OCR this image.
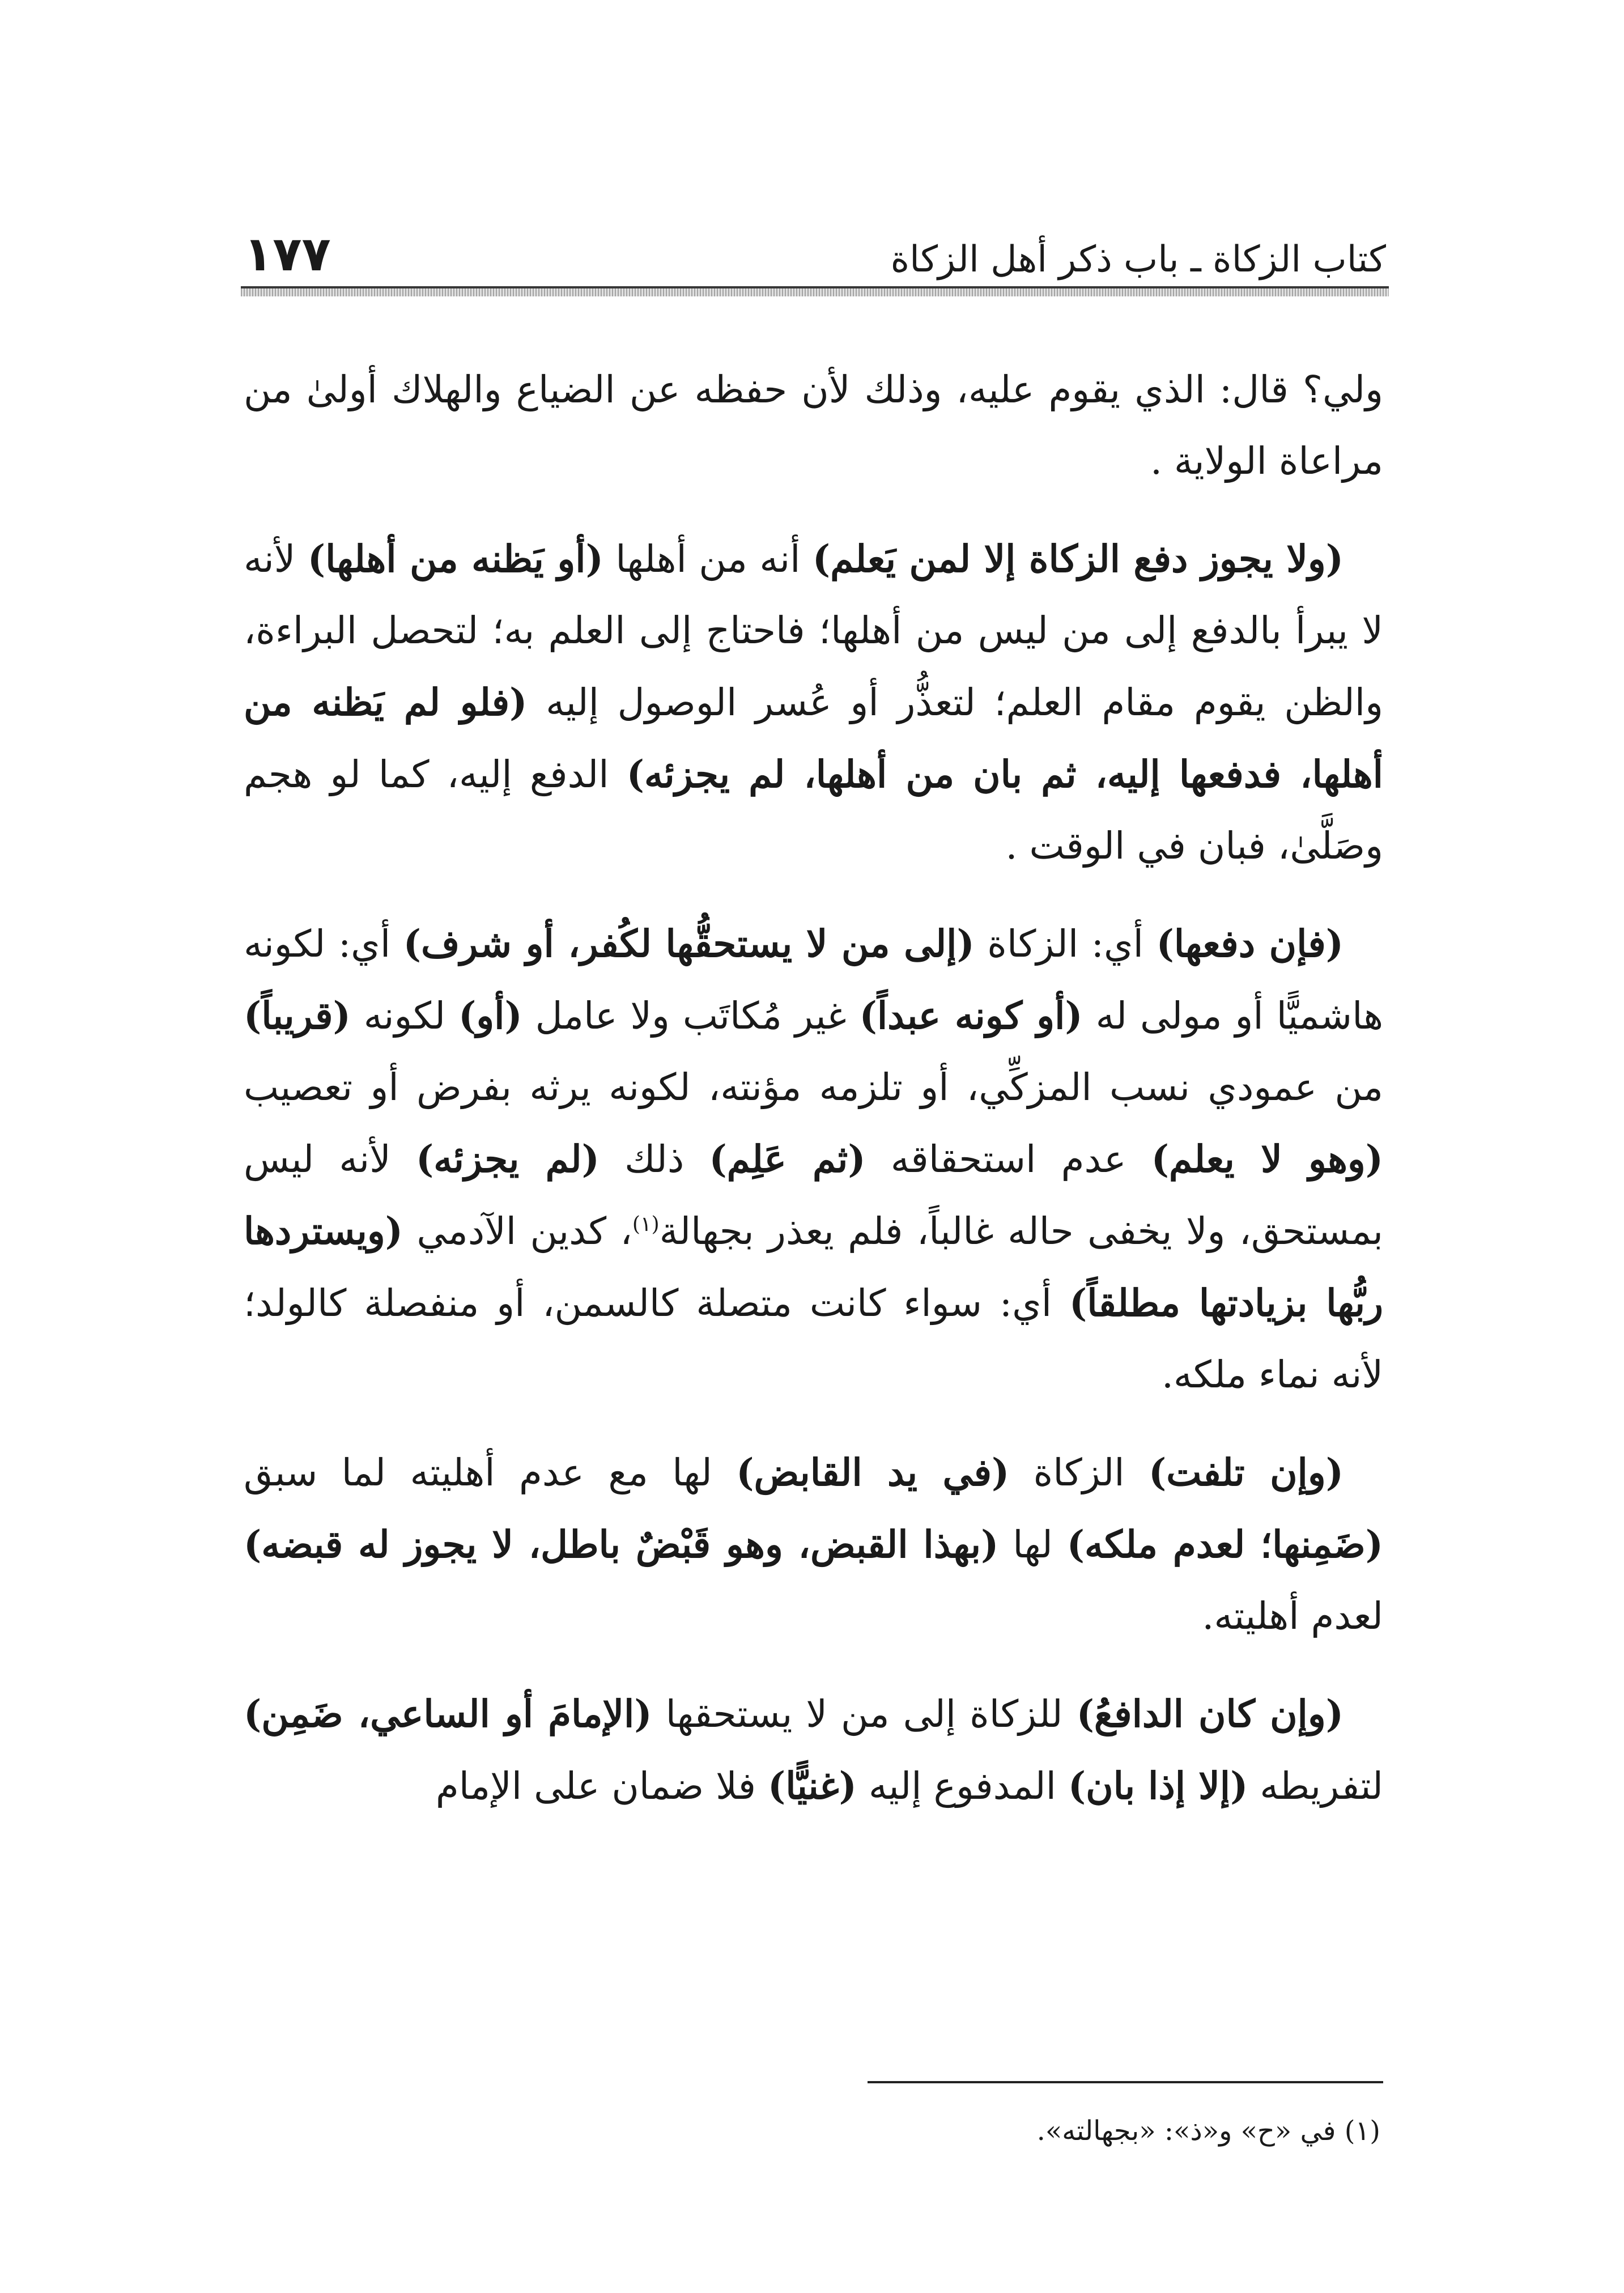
كتاب الزكاة ـ باب ذكر أهل الزكاة
١٧٧

ولي؟ قال: الذي يقوم عليه، وذلك لأن حفظه عن الضياع والهلاك أولىٰ من مراعاة الولاية .

(ولا يجوز دفع الزكاة إلا لمن يَعلم) أنه من أهلها (أو يَظنه من أهلها) لأنه لا يبرأ بالدفع إلى من ليس من أهلها؛ فاحتاج إلى العلم به؛ لتحصل البراءة، والظن يقوم مقام العلم؛ لتعذُّر أو عُسر الوصول إليه (فلو لم يَظنه من أهلها، فدفعها إليه، ثم بان من أهلها، لم يجزئه) الدفع إليه، كما لو هجم وصَلَّىٰ، فبان في الوقت .

(فإن دفعها) أي: الزكاة (إلى من لا يستحقُّها لكُفر، أو شرف) أي: لكونه هاشميًّا أو مولى له (أو كونه عبداً) غير مُكاتَب ولا عامل (أو) لكونه (قريباً) من عمودي نسب المزكِّي، أو تلزمه مؤنته، لكونه يرثه بفرض أو تعصيب (وهو لا يعلم) عدم استحقاقه (ثم عَلِم) ذلك (لم يجزئه) لأنه ليس بمستحق، ولا يخفى حاله غالباً، فلم يعذر بجهالة$^{(١)}$، كدين الآدمي (ويستردها ربُّها بزيادتها مطلقاً) أي: سواء كانت متصلة كالسمن، أو منفصلة كالولد؛ لأنه نماء ملكه.

(وإن تلفت) الزكاة (في يد القابض) لها مع عدم أهليته لما سبق (ضَمِنها؛ لعدم ملكه) لها (بهذا القبض، وهو قَبْضٌ باطل، لا يجوز له قبضه) لعدم أهليته.

(وإن كان الدافعُ) للزكاة إلى من لا يستحقها (الإمامَ أو الساعي، ضَمِن) لتفريطه (إلا إذا بان) المدفوع إليه (غنيًّا) فلا ضمان على الإمام

(١) في «ح» و«ذ»: «بجهالته».
